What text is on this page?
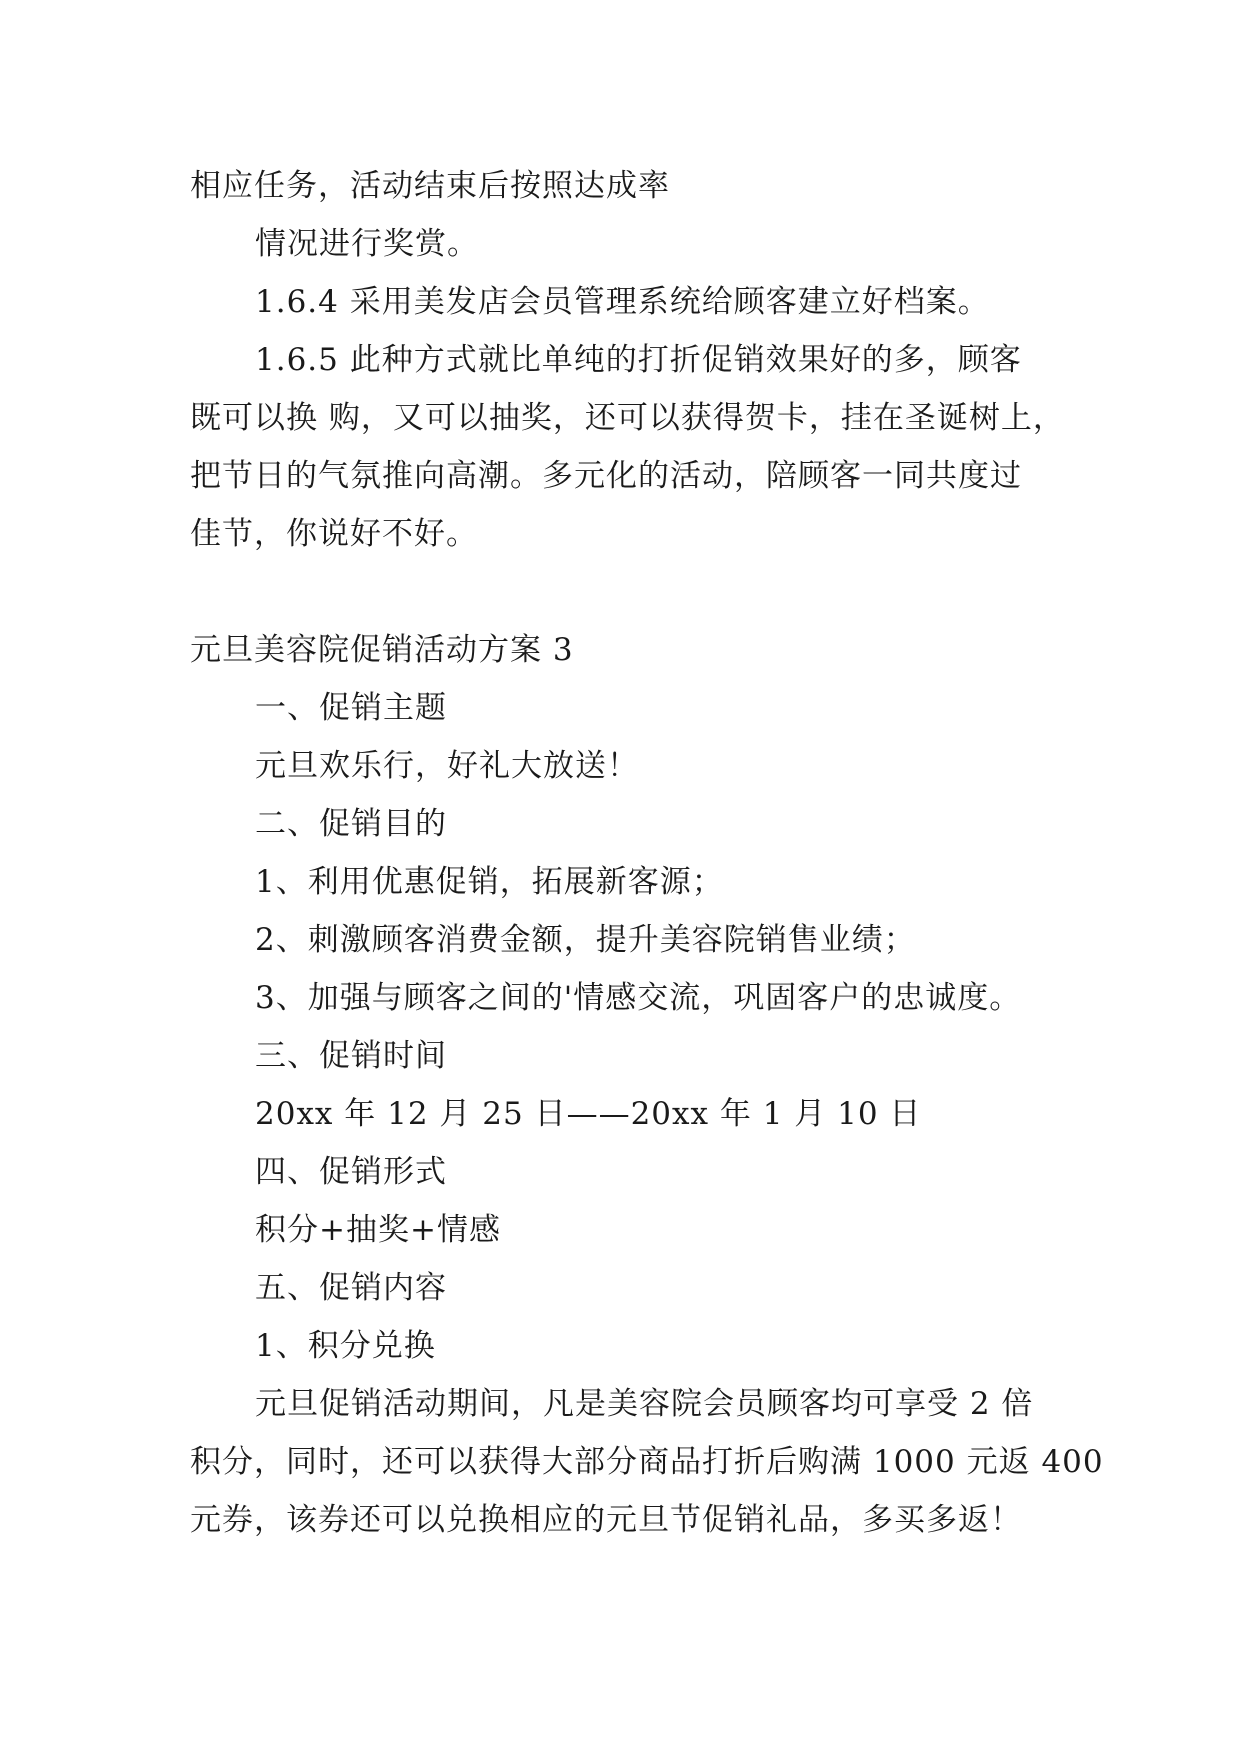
相应任务，活动结束后按照达成率
情况进行奖赏。
1.6.4 采用美发店会员管理系统给顾客建立好档案。
1.6.5 此种方式就比单纯的打折促销效果好的多，顾客
既可以换 购，又可以抽奖，还可以获得贺卡，挂在圣诞树上，
把节日的气氛推向高潮。多元化的活动，陪顾客一同共度过
佳节，你说好不好。
元旦美容院促销活动方案 3
一、促销主题
元旦欢乐行，好礼大放送！
二、促销目的
1、利用优惠促销，拓展新客源；
2、刺激顾客消费金额，提升美容院销售业绩；
3、加强与顾客之间的'情感交流，巩固客户的忠诚度。
三、促销时间
20xx 年 12 月 25 日——20xx 年 1 月 10 日
四、促销形式
积分+抽奖+情感
五、促销内容
1、积分兑换
元旦促销活动期间，凡是美容院会员顾客均可享受 2 倍
积分，同时，还可以获得大部分商品打折后购满 1000 元返 400
元券，该券还可以兑换相应的元旦节促销礼品，多买多返！
